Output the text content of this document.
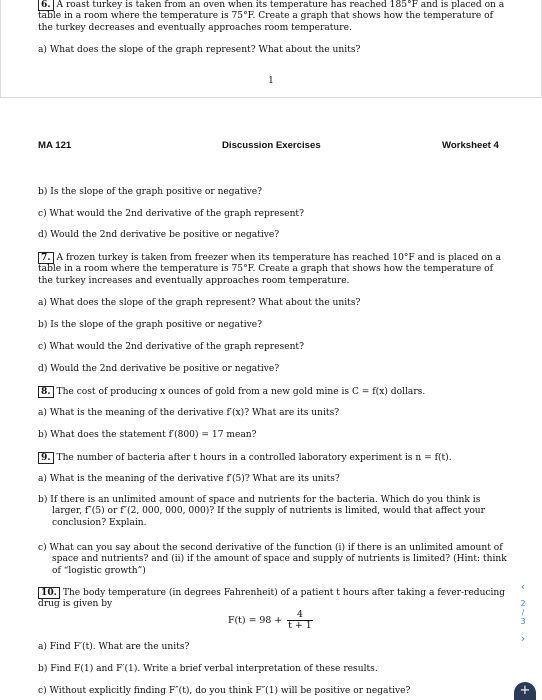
6. A roast turkey is taken from an oven when its temperature has reached 185°F and is placed on a table in a room where the temperature is 75°F. Create a graph that shows how the temperature of the turkey decreases and eventually approaches room temperature.
a) What does the slope of the graph represent? What about the units?
1
MA 121	Discussion Exercises	Worksheet 4
b) Is the slope of the graph positive or negative?
c) What would the 2nd derivative of the graph represent?
d) Would the 2nd derivative be positive or negative?
7. A frozen turkey is taken from freezer when its temperature has reached 10°F and is placed on a table in a room where the temperature is 75°F. Create a graph that shows how the temperature of the turkey increases and eventually approaches room temperature.
a) What does the slope of the graph represent? What about the units?
b) Is the slope of the graph positive or negative?
c) What would the 2nd derivative of the graph represent?
d) Would the 2nd derivative be positive or negative?
8. The cost of producing x ounces of gold from a new gold mine is C = f(x) dollars.
a) What is the meaning of the derivative f′(x)? What are its units?
b) What does the statement f′(800) = 17 mean?
9. The number of bacteria after t hours in a controlled laboratory experiment is n = f(t).
a) What is the meaning of the derivative f′(5)? What are its units?
b) If there is an unlimited amount of space and nutrients for the bacteria. Which do you think is larger, f″(5) or f″(2, 000, 000, 000)? If the supply of nutrients is limited, would that affect your conclusion? Explain.
c) What can you say about the second derivative of the function (i) if there is an unlimited amount of space and nutrients? and (ii) if the amount of space and supply of nutrients is limited? (Hint: think of “logistic growth”)
10. The body temperature (in degrees Fahrenheit) of a patient t hours after taking a fever-reducing drug is given by
$F(t) = 98 + \frac{4}{t + 1}$
a) Find F′(t). What are the units?
b) Find F(1) and F′(1). Write a brief verbal interpretation of these results.
c) Without explicitly finding F″(t), do you think F″(1) will be positive or negative?
‹
2
/
3
›
+
